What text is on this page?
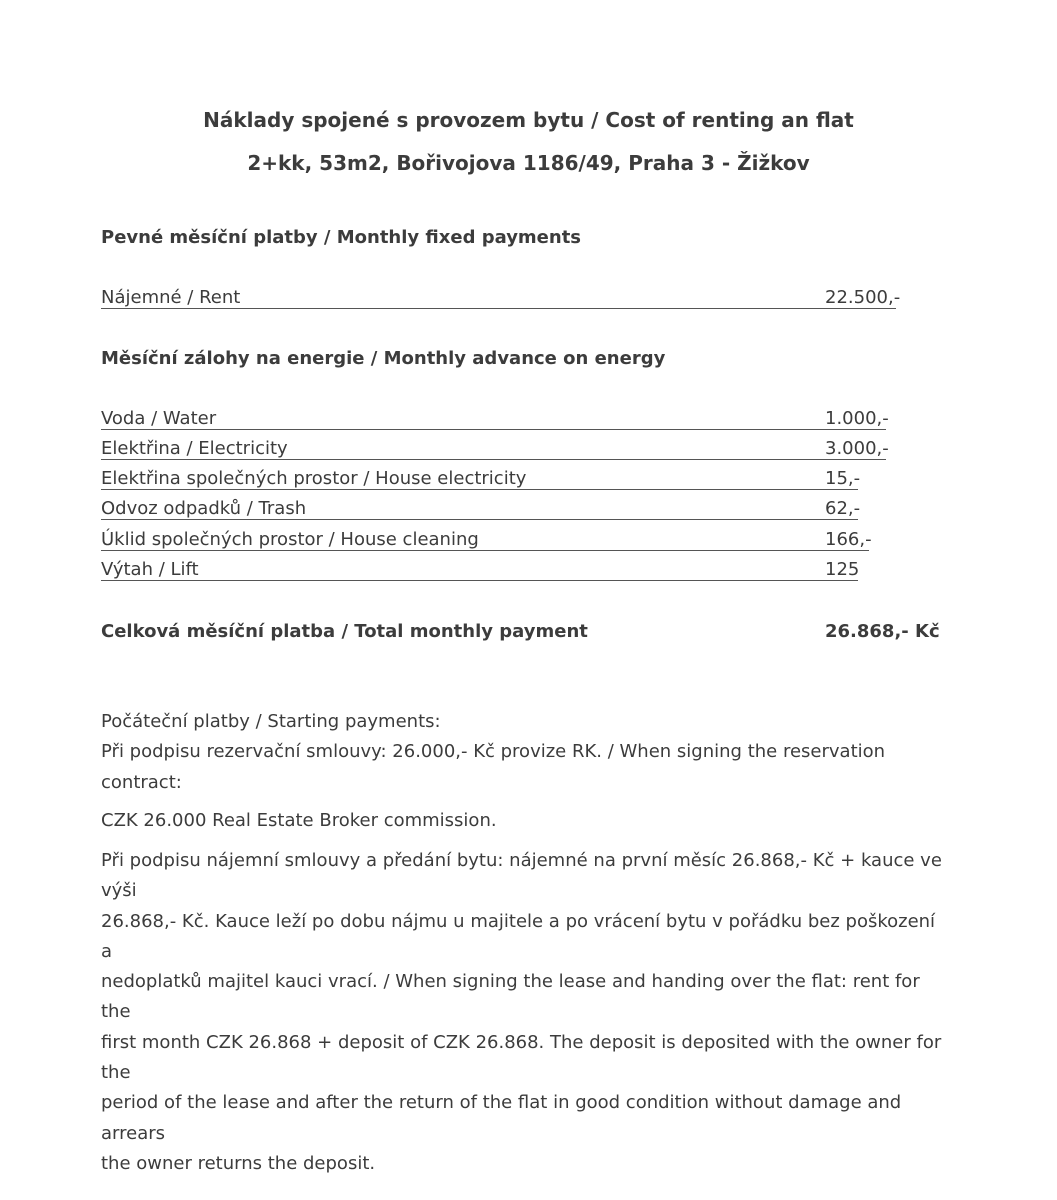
Náklady spojené s provozem bytu / Cost of renting an flat
2+kk, 53m2, Bořivojova 1186/49, Praha 3 - Žižkov
Pevné měsíční platby / Monthly fixed payments
Nájemné / Rent	22.500,-
Měsíční zálohy na energie / Monthly advance on energy
Voda / Water	1.000,-
Elektřina / Electricity	3.000,-
Elektřina společných prostor / House electricity	15,-
Odvoz odpadků / Trash	62,-
Úklid společných prostor / House cleaning	166,-
Výtah / Lift	125
Celková měsíční platba / Total monthly payment	26.868,- Kč
Počáteční platby / Starting payments:
Při podpisu rezervační smlouvy: 26.000,- Kč provize RK. / When signing the reservation contract:
CZK 26.000 Real Estate Broker commission.
Při podpisu nájemní smlouvy a předání bytu: nájemné na první měsíc 26.868,- Kč + kauce ve výši
26.868,- Kč. Kauce leží po dobu nájmu u majitele a po vrácení bytu v pořádku bez poškození a
nedoplatků majitel kauci vrací. / When signing the lease and handing over the flat: rent for the
first month CZK 26.868 + deposit of CZK 26.868. The deposit is deposited with the owner for the
period of the lease and after the return of the flat in good condition without damage and arrears
the owner returns the deposit.
